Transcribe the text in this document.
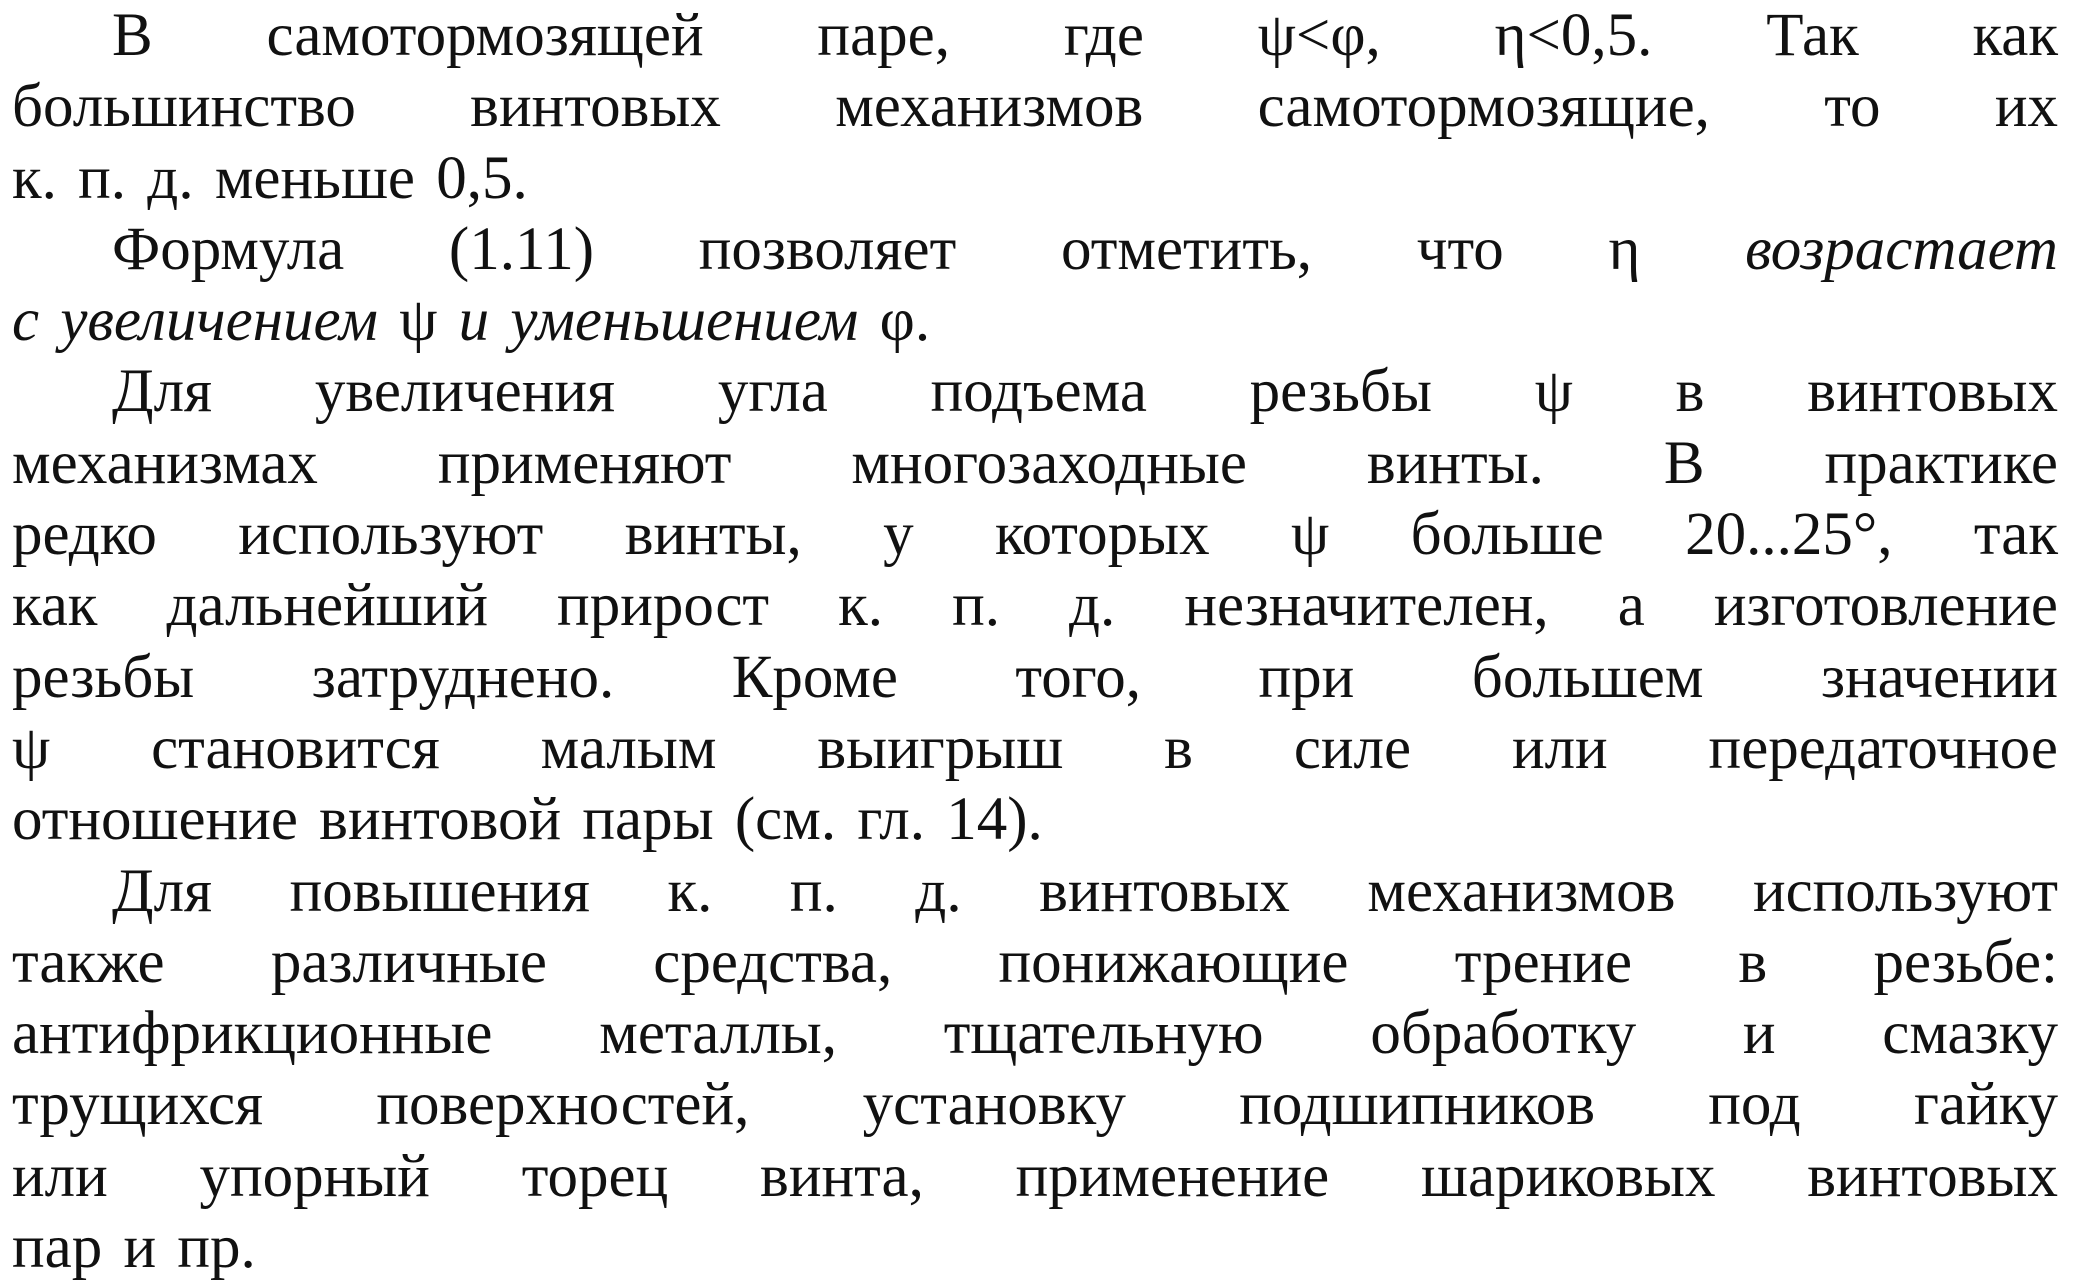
В самотормозящей паре, где ψ<φ, η<0,5. Так как
большинство винтовых механизмов самотормозящие, то их
к. п. д. меньше 0,5.

Формула (1.11) позволяет отметить, что η возрастает
с увеличением ψ и уменьшением φ.

Для увеличения угла подъема резьбы ψ в винтовых
механизмах применяют многозаходные винты. В практике
редко используют винты, у которых ψ больше 20...25°, так
как дальнейший прирост к. п. д. незначителен, а изготовление
резьбы затруднено. Кроме того, при большем значении
ψ становится малым выигрыш в силе или передаточное
отношение винтовой пары (см. гл. 14).

Для повышения к. п. д. винтовых механизмов используют
также различные средства, понижающие трение в резьбе:
антифрикционные металлы, тщательную обработку и смазку
трущихся поверхностей, установку подшипников под гайку
или упорный торец винта, применение шариковых винтовых
пар и пр.
